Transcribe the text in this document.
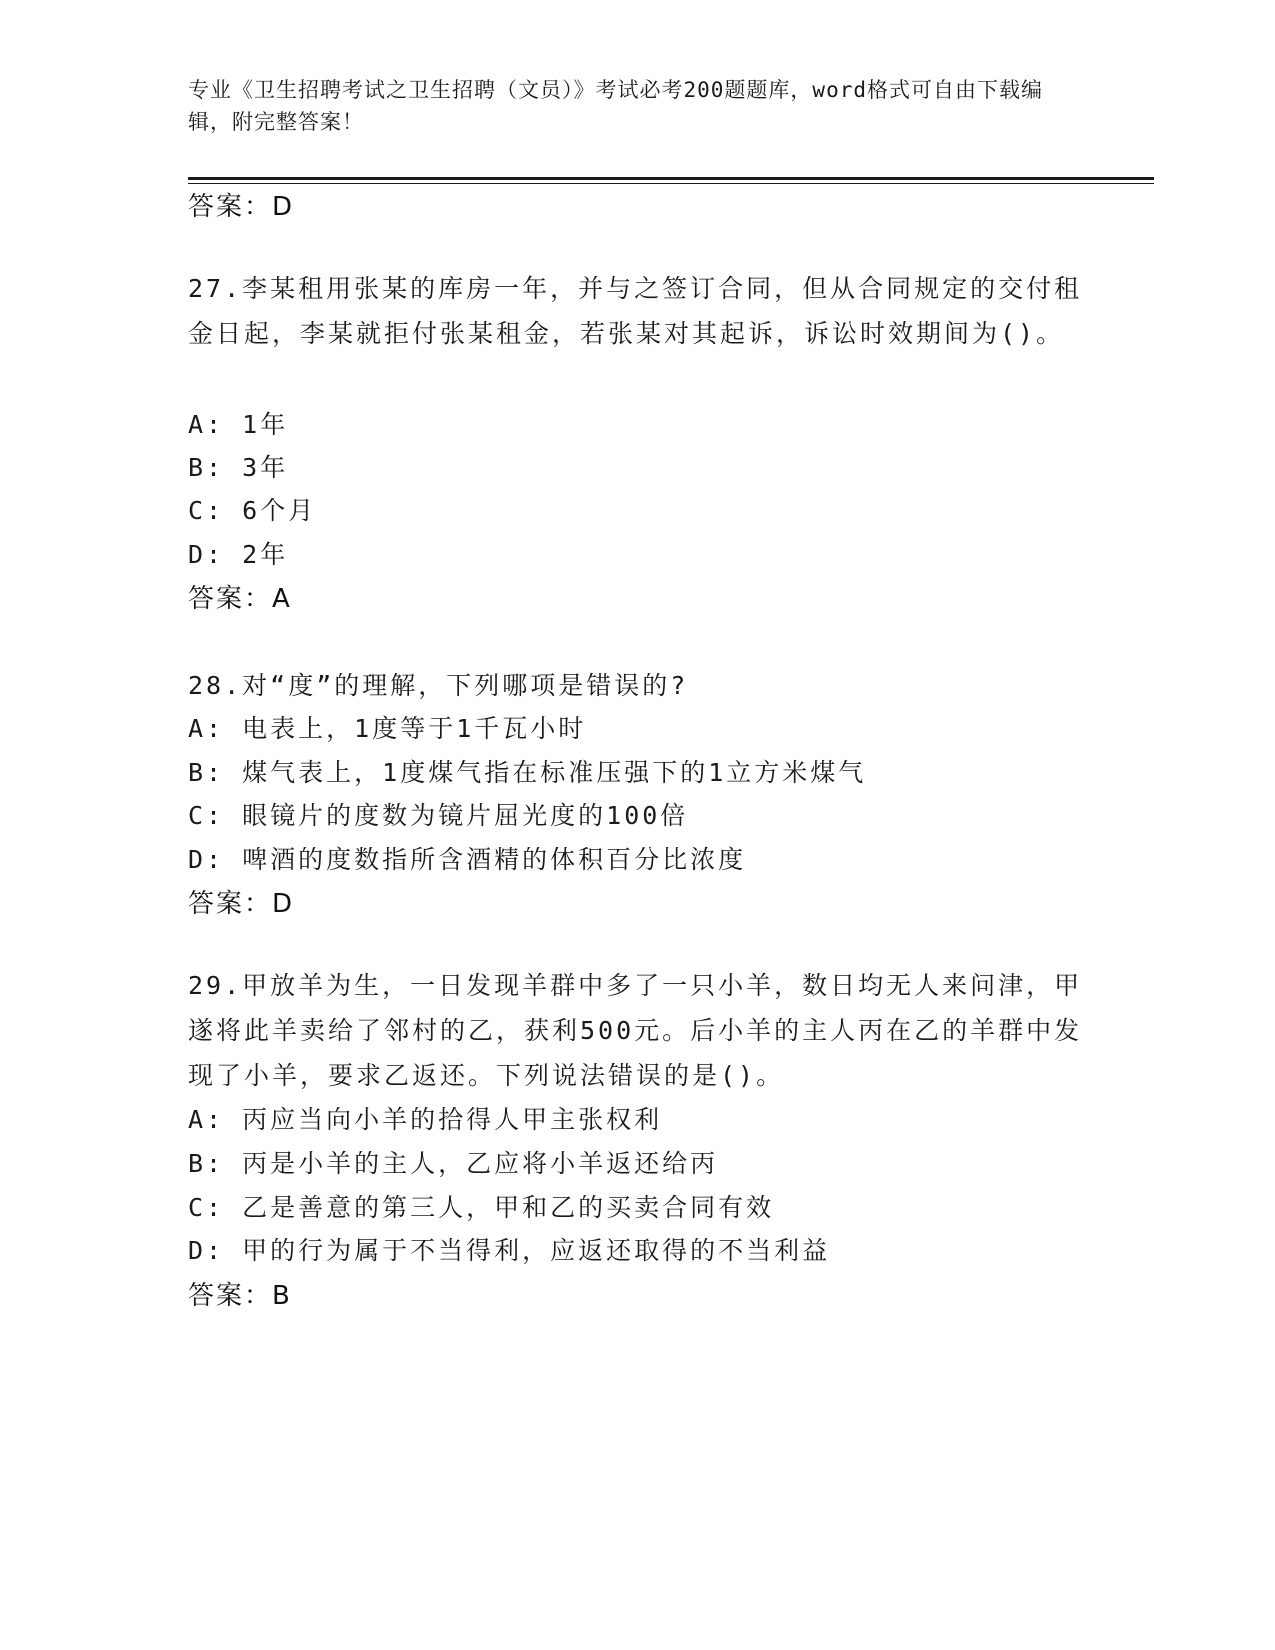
专业《卫生招聘考试之卫生招聘（文员）》考试必考200题题库，word格式可自由下载编辑，附完整答案！
答案：D
27.李某租用张某的库房一年，并与之签订合同，但从合同规定的交付租金日起，李某就拒付张某租金，若张某对其起诉，诉讼时效期间为()。
A: 1年
B: 3年
C: 6个月
D: 2年
答案：A
28.对“度”的理解，下列哪项是错误的?
A: 电表上，1度等于1千瓦小时
B: 煤气表上，1度煤气指在标准压强下的1立方米煤气
C: 眼镜片的度数为镜片屈光度的100倍
D: 啤酒的度数指所含酒精的体积百分比浓度
答案：D
29.甲放羊为生，一日发现羊群中多了一只小羊，数日均无人来问津，甲遂将此羊卖给了邻村的乙，获利500元。后小羊的主人丙在乙的羊群中发现了小羊，要求乙返还。下列说法错误的是()。
A: 丙应当向小羊的拾得人甲主张权利
B: 丙是小羊的主人，乙应将小羊返还给丙
C: 乙是善意的第三人，甲和乙的买卖合同有效
D: 甲的行为属于不当得利，应返还取得的不当利益
答案：B
